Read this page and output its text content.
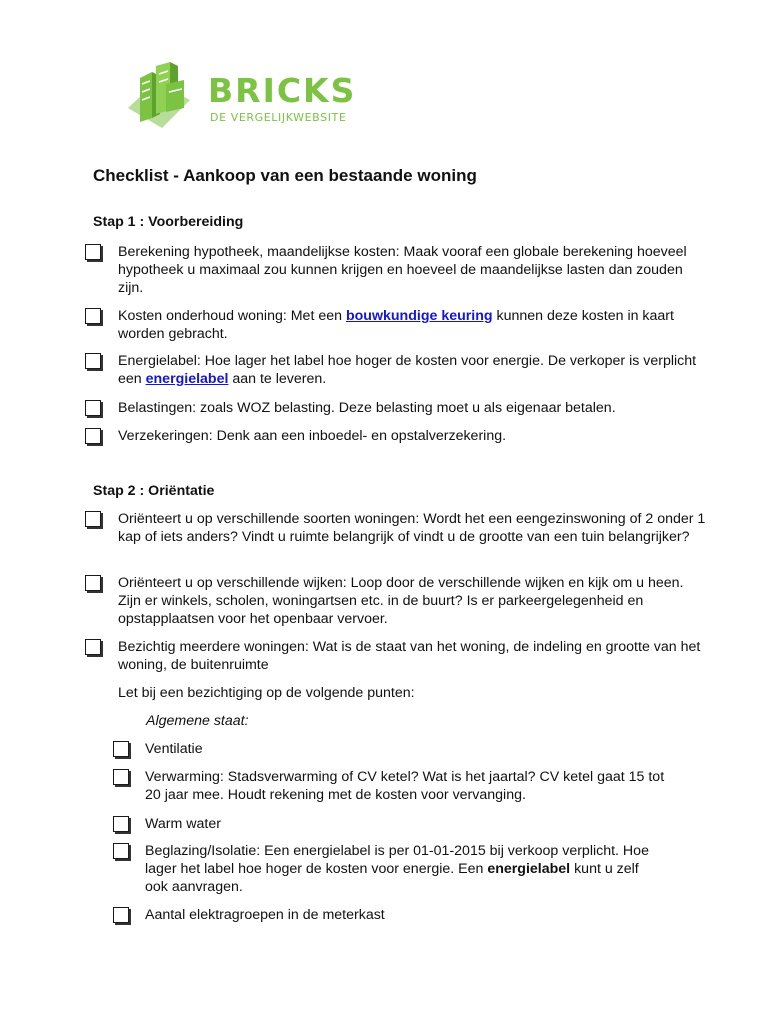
BRICKS
DE VERGELIJKWEBSITE
Checklist - Aankoop van een bestaande woning
Stap 1 : Voorbereiding

Berekening hypotheek, maandelijkse kosten: Maak vooraf een globale berekening hoeveel hypotheek u maximaal zou kunnen krijgen en hoeveel de maandelijkse lasten dan zouden zijn.

Kosten onderhoud woning: Met een bouwkundige keuring kunnen deze kosten in kaart worden gebracht.

Energielabel: Hoe lager het label hoe hoger de kosten voor energie. De verkoper is verplicht een energielabel aan te leveren.

Belastingen: zoals WOZ belasting. Deze belasting moet u als eigenaar betalen.

Verzekeringen: Denk aan een inboedel- en opstalverzekering.

Stap 2 : Oriëntatie

Oriënteert u op verschillende soorten woningen: Wordt het een eengezinswoning of 2 onder 1 kap of iets anders? Vindt u ruimte belangrijk of vindt u de grootte van een tuin belangrijker?

Oriënteert u op verschillende wijken: Loop door de verschillende wijken en kijk om u heen. Zijn er winkels, scholen, woningartsen etc. in de buurt? Is er parkeergelegenheid en opstapplaatsen voor het openbaar vervoer.

Bezichtig meerdere woningen: Wat is de staat van het woning, de indeling en grootte van het woning, de buitenruimte

Let bij een bezichtiging op de volgende punten:

Algemene staat:

Ventilatie

Verwarming: Stadsverwarming of CV ketel? Wat is het jaartal? CV ketel gaat 15 tot 20 jaar mee. Houdt rekening met de kosten voor vervanging.

Warm water

Beglazing/Isolatie: Een energielabel is per 01-01-2015 bij verkoop verplicht. Hoe lager het label hoe hoger de kosten voor energie. Een energielabel kunt u zelf ook aanvragen.

Aantal elektragroepen in de meterkast
